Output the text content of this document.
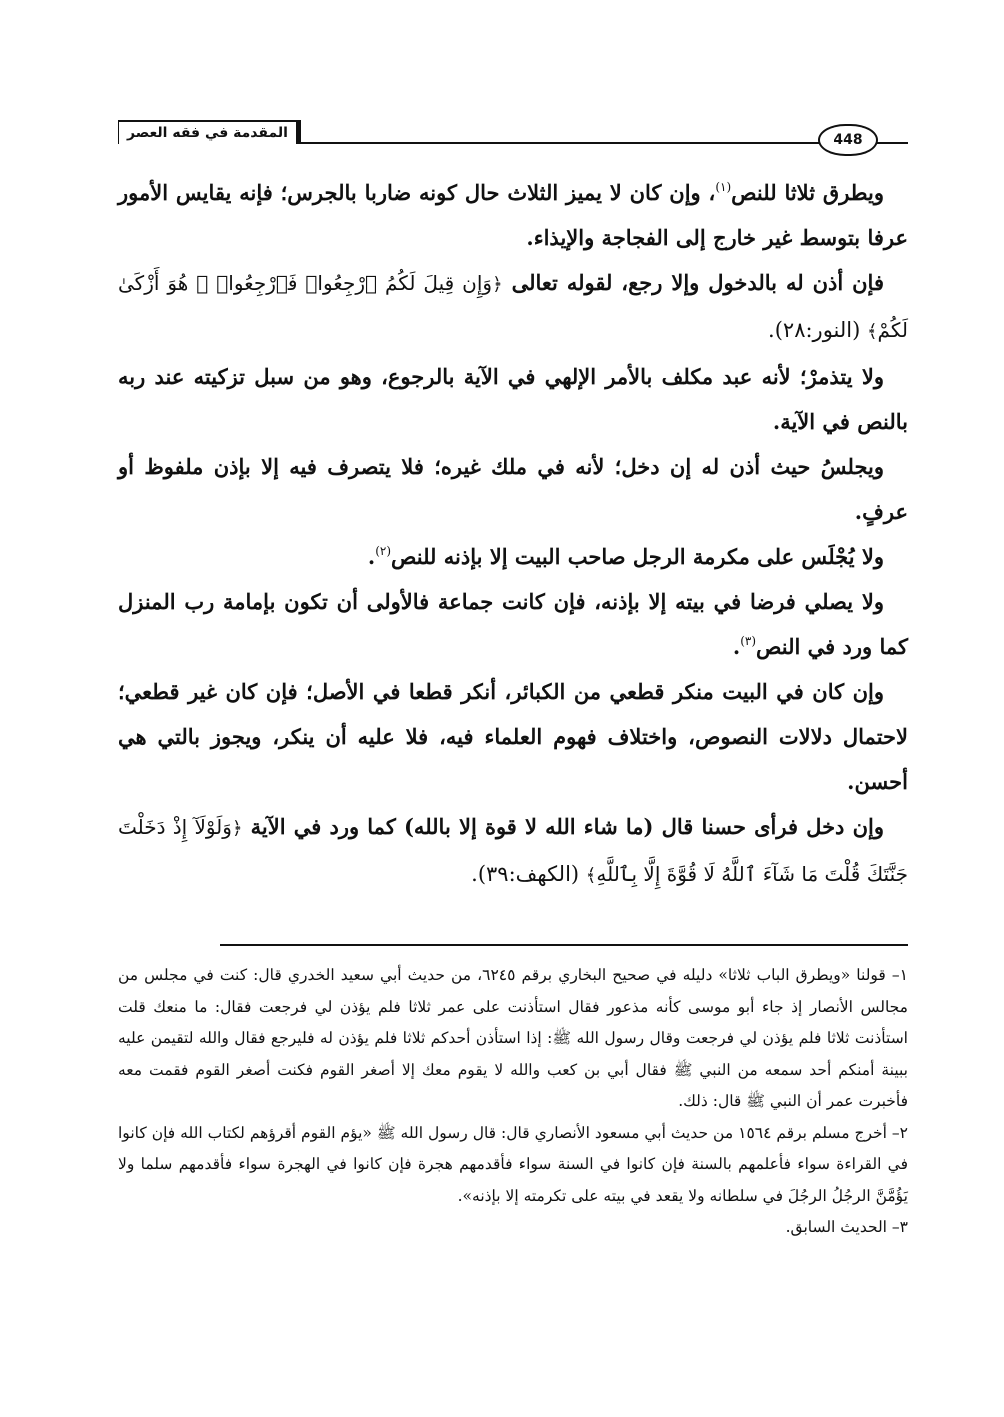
448
المقدمة في فقه العصر

ويطرق ثلاثا للنص$^{(١)}$، وإن كان لا يميز الثلاث حال كونه ضاربا بالجرس؛ فإنه يقايس الأمور عرفا بتوسط غير خارج إلى الفجاجة والإيذاء.

فإن أذن له بالدخول وإلا رجع، لقوله تعالى ﴿وَإِن قِيلَ لَكُمُ ٱرْجِعُوا۟ فَٱرْجِعُوا۟ ۖ هُوَ أَزْكَىٰ لَكُمْ﴾ (النور:٢٨).

ولا يتذمرْ؛ لأنه عبد مكلف بالأمر الإلهي في الآية بالرجوع، وهو من سبل تزكيته عند ربه بالنص في الآية.

ويجلسُ حيث أذن له إن دخل؛ لأنه في ملك غيره؛ فلا يتصرف فيه إلا بإذن ملفوظ أو عرفٍ.

ولا يُجْلَس على مكرمة الرجل صاحب البيت إلا بإذنه للنص$^{(٢)}$.

ولا يصلي فرضا في بيته إلا بإذنه، فإن كانت جماعة فالأولى أن تكون بإمامة رب المنزل كما ورد في النص$^{(٣)}$.

وإن كان في البيت منكر قطعي من الكبائر، أنكر قطعا في الأصل؛ فإن كان غير قطعي؛ لاحتمال دلالات النصوص، واختلاف فهوم العلماء فيه، فلا عليه أن ينكر، ويجوز بالتي هي أحسن.

وإن دخل فرأى حسنا قال (ما شاء الله لا قوة إلا بالله) كما ورد في الآية ﴿وَلَوْلَآ إِذْ دَخَلْتَ جَنَّتَكَ قُلْتَ مَا شَآءَ ٱللَّهُ لَا قُوَّةَ إِلَّا بِٱللَّهِ﴾ (الكهف:٣٩).

١– قولنا «ويطرق الباب ثلاثا» دليله في صحيح البخاري برقم ٦٢٤٥، من حديث أبي سعيد الخدري قال: كنت في مجلس من مجالس الأنصار إذ جاء أبو موسى كأنه مذعور فقال استأذنت على عمر ثلاثا فلم يؤذن لي فرجعت فقال: ما منعك قلت استأذنت ثلاثا فلم يؤذن لي فرجعت وقال رسول الله ﷺ: إذا استأذن أحدكم ثلاثا فلم يؤذن له فليرجع فقال والله لتقيمن عليه ببينة أمنكم أحد سمعه من النبي ﷺ فقال أبي بن كعب والله لا يقوم معك إلا أصغر القوم فكنت أصغر القوم فقمت معه فأخبرت عمر أن النبي ﷺ قال: ذلك.

٢– أخرج مسلم برقم ١٥٦٤ من حديث أبي مسعود الأنصاري قال: قال رسول الله ﷺ «يؤم القوم أقرؤهم لكتاب الله فإن كانوا في القراءة سواء فأعلمهم بالسنة فإن كانوا في السنة سواء فأقدمهم هجرة فإن كانوا في الهجرة سواء فأقدمهم سلما ولا يَؤُمَّنَّ الرجُلُ الرجُلَ في سلطانه ولا يقعد في بيته على تكرمته إلا بإذنه».

٣– الحديث السابق.
